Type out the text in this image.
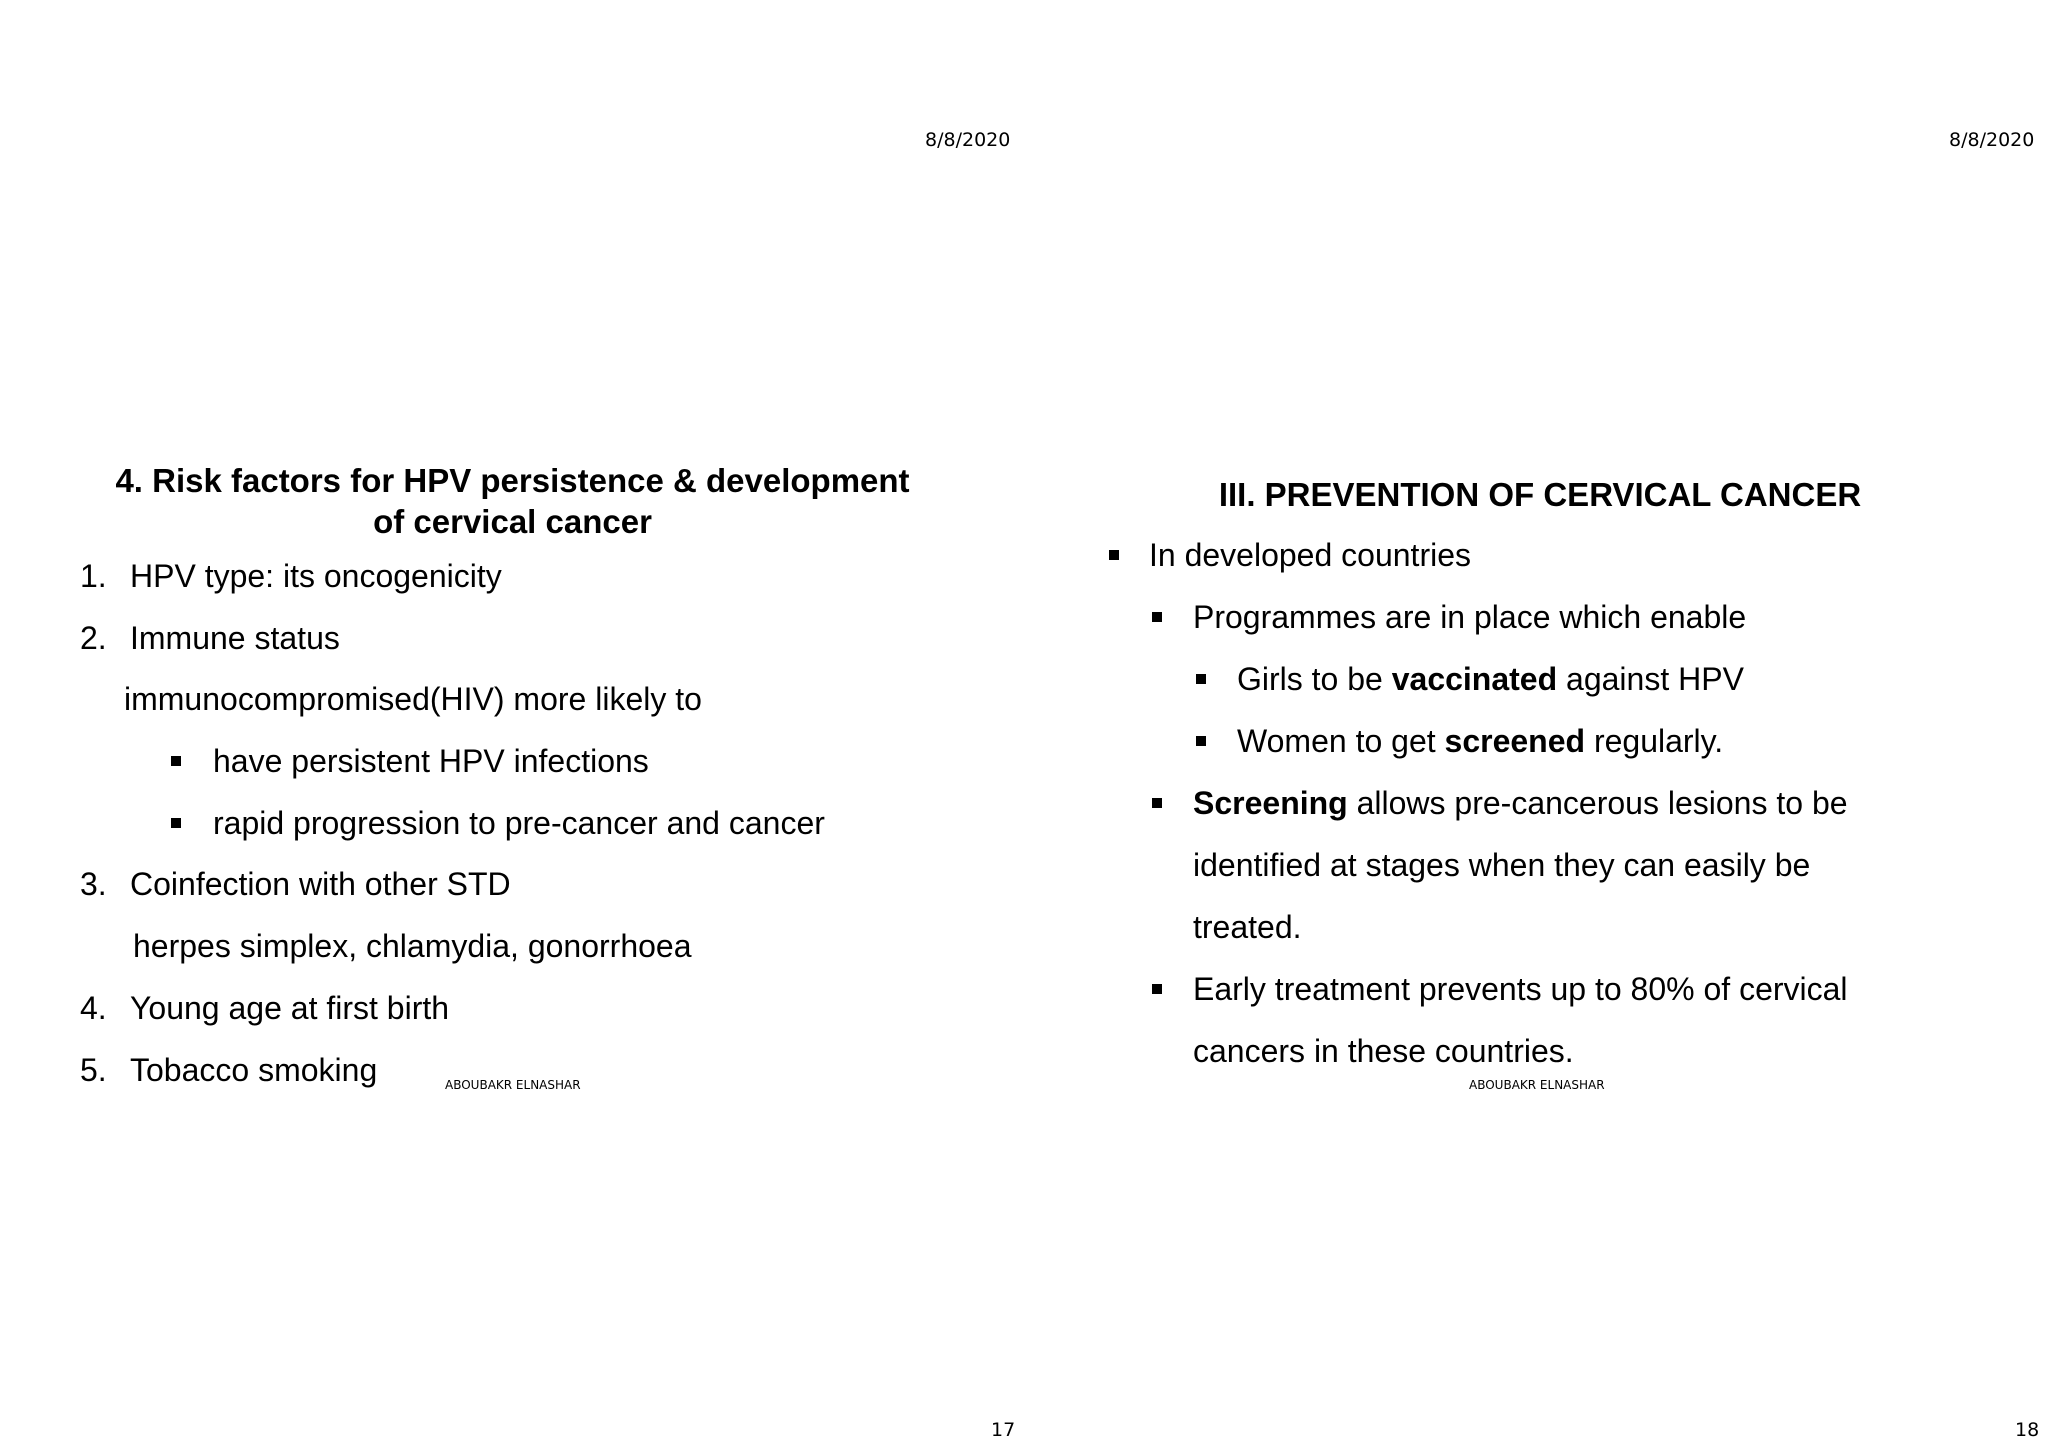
8/8/2020
4. Risk factors for HPV persistence & development
of cervical cancer
1. HPV type: its oncogenicity
2. Immune status
immunocompromised(HIV) more likely to
have persistent HPV infections
rapid progression to pre-cancer and cancer
3. Coinfection with other STD
herpes simplex, chlamydia, gonorrhoea
4. Young age at first birth
5. Tobacco smoking	ABOUBAKR ELNASHAR
17
8/8/2020
III. PREVENTION OF CERVICAL CANCER
In developed countries
Programmes are in place which enable
Girls to be vaccinated against HPV
Women to get screened regularly.
Screening allows pre-cancerous lesions to be
identified at stages when they can easily be
treated.
Early treatment prevents up to 80% of cervical
cancers in these countries.
ABOUBAKR ELNASHAR
18
